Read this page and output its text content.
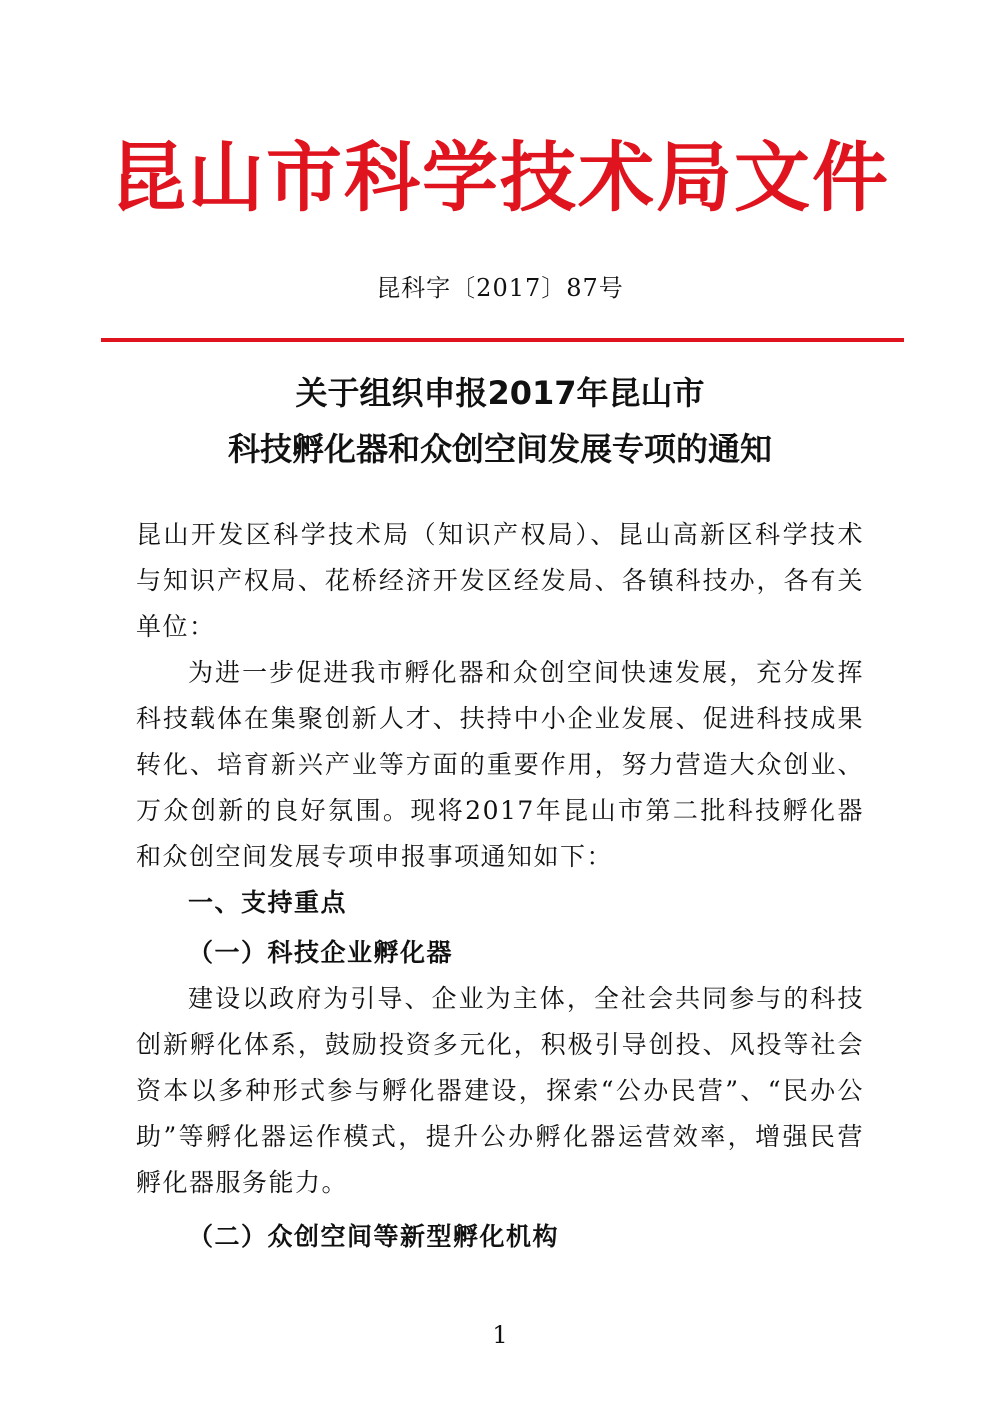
昆山市科学技术局文件
昆科字〔2017〕87号
关于组织申报2017年昆山市
科技孵化器和众创空间发展专项的通知

昆山开发区科学技术局（知识产权局）、昆山高新区科学技术与知识产权局、花桥经济开发区经发局、各镇科技办，各有关单位：

为进一步促进我市孵化器和众创空间快速发展，充分发挥科技载体在集聚创新人才、扶持中小企业发展、促进科技成果转化、培育新兴产业等方面的重要作用，努力营造大众创业、万众创新的良好氛围。现将2017年昆山市第二批科技孵化器和众创空间发展专项申报事项通知如下：

一、支持重点

（一）科技企业孵化器

建设以政府为引导、企业为主体，全社会共同参与的科技创新孵化体系，鼓励投资多元化，积极引导创投、风投等社会资本以多种形式参与孵化器建设，探索“公办民营”、“民办公助”等孵化器运作模式，提升公办孵化器运营效率，增强民营孵化器服务能力。

（二）众创空间等新型孵化机构

1
